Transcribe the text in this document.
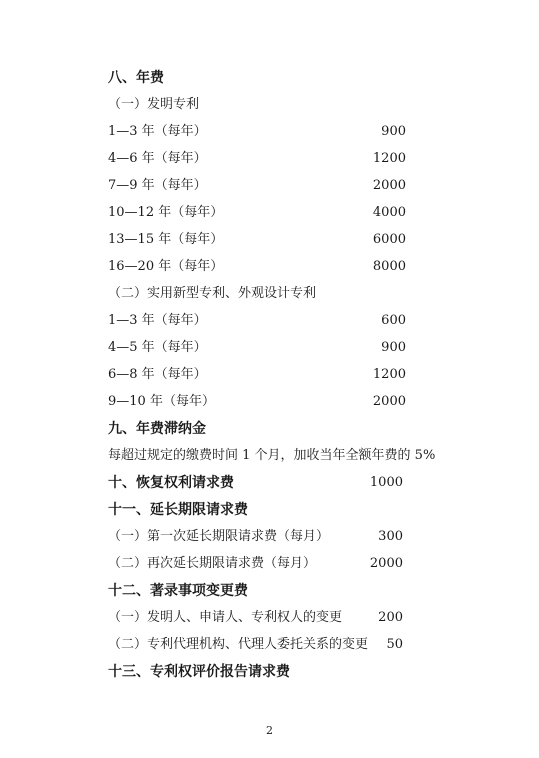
八、年费
（一）发明专利
1—3 年（每年）	900
4—6 年（每年）	1200
7—9 年（每年）	2000
10—12 年（每年）	4000
13—15 年（每年）	6000
16—20 年（每年）	8000
（二）实用新型专利、外观设计专利
1—3 年（每年）	600
4—5 年（每年）	900
6—8 年（每年）	1200
9—10 年（每年）	2000
九、年费滞纳金
每超过规定的缴费时间 1 个月，加收当年全额年费的 5%
十、恢复权利请求费	1000
十一、延长期限请求费
（一）第一次延长期限请求费（每月）	300
（二）再次延长期限请求费（每月）	2000
十二、著录事项变更费
（一）发明人、申请人、专利权人的变更	200
（二）专利代理机构、代理人委托关系的变更	50
十三、专利权评价报告请求费
2
